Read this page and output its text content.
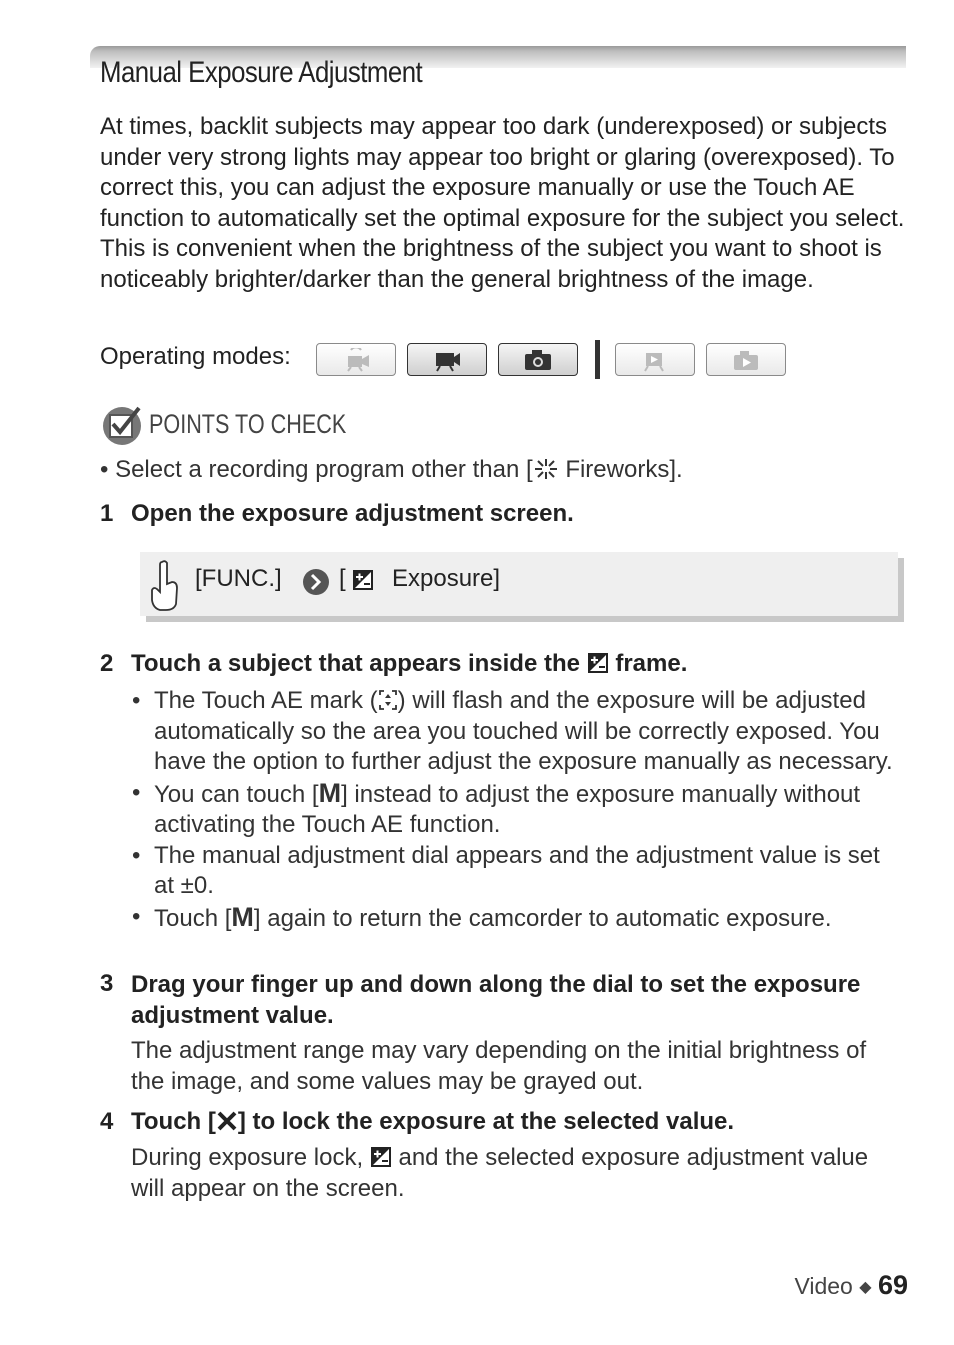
Manual Exposure Adjustment
At times, backlit subjects may appear too dark (underexposed) or subjects under very strong lights may appear too bright or glaring (overexposed). To correct this, you can adjust the exposure manually or use the Touch AE function to automatically set the optimal exposure for the subject you select. This is convenient when the brightness of the subject you want to shoot is noticeably brighter/darker than the general brightness of the image.
Operating modes:
POINTS TO CHECK
• Select a recording program other than [ Fireworks].
1 Open the exposure adjustment screen.
[FUNC.] [ Exposure]
2 Touch a subject that appears inside the frame.
• The Touch AE mark ( ) will flash and the exposure will be adjusted automatically so the area you touched will be correctly exposed. You have the option to further adjust the exposure manually as necessary.
• You can touch [M] instead to adjust the exposure manually without activating the Touch AE function.
• The manual adjustment dial appears and the adjustment value is set at ±0.
• Touch [M] again to return the camcorder to automatic exposure.
3 Drag your finger up and down along the dial to set the exposure adjustment value.
The adjustment range may vary depending on the initial brightness of the image, and some values may be grayed out.
4 Touch [ ] to lock the exposure at the selected value.
During exposure lock, and the selected exposure adjustment value will appear on the screen.
Video ◆ 69
